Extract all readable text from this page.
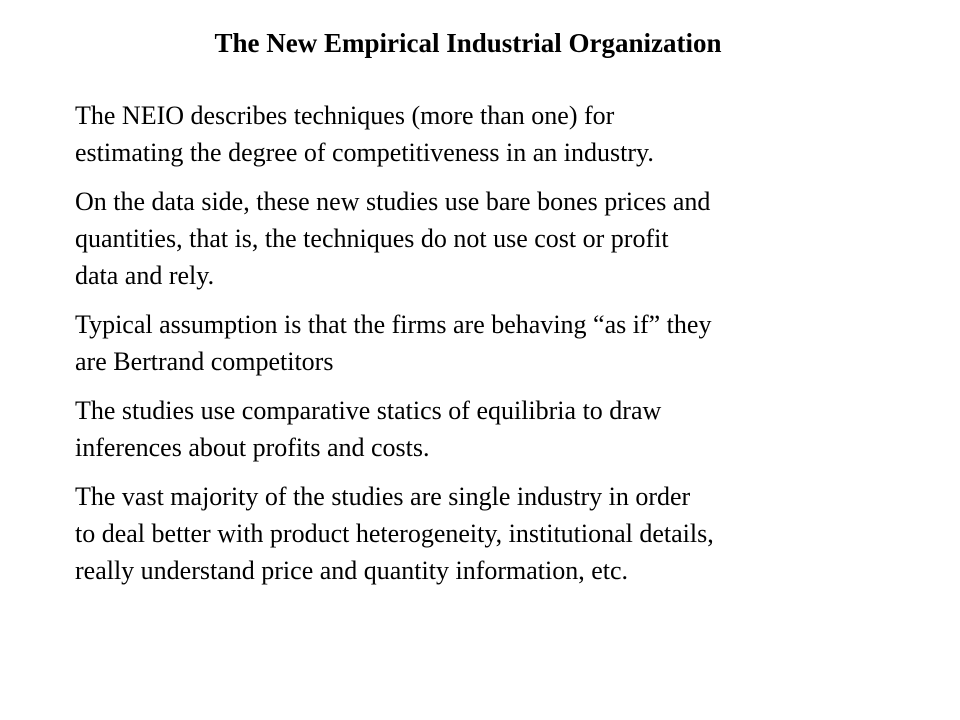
The New Empirical Industrial Organization

The NEIO describes techniques (more than one) for
estimating the degree of competitiveness in an industry.

On the data side, these new studies use bare bones prices and
quantities, that is, the techniques do not use cost or profit
data and rely.

Typical assumption is that the firms are behaving “as if” they
are Bertrand competitors

The studies use comparative statics of equilibria to draw
inferences about profits and costs.

The vast majority of the studies are single industry in order
to deal better with product heterogeneity, institutional details,
really understand price and quantity information, etc.
